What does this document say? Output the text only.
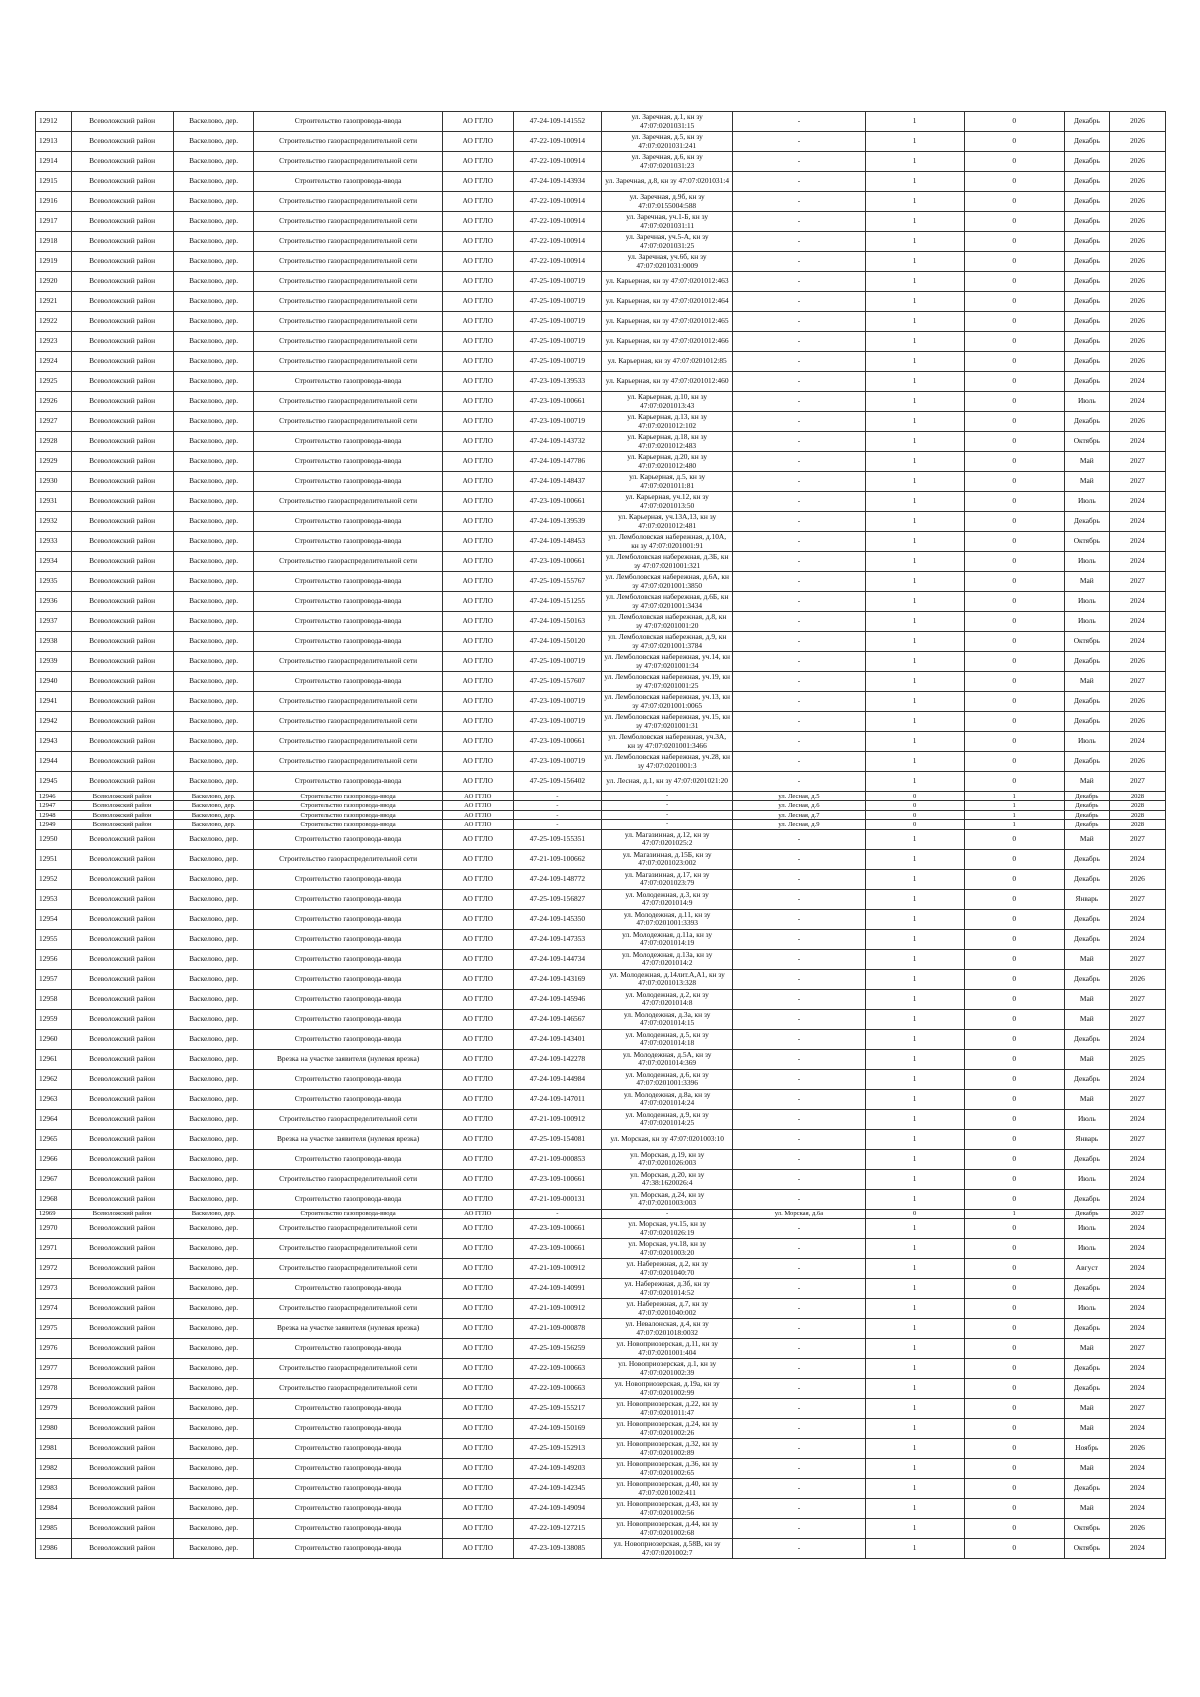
12912	Всеволожский район	Васкелово, дер.	Строительство газопровода-ввода	АО ГГЛО	47-24-109-141552	ул. Заречная, д.1, кн зу 47:07:0201031:15	-	1	0	Декабрь	2026
12913	Всеволожский район	Васкелово, дер.	Строительство газораспределительной сети	АО ГГЛО	47-22-109-100914	ул. Заречная, д.5, кн зу 47:07:0201031:241	-	1	0	Декабрь	2026
12914	Всеволожский район	Васкелово, дер.	Строительство газораспределительной сети	АО ГГЛО	47-22-109-100914	ул. Заречная, д.6, кн зу 47:07:0201031:23	-	1	0	Декабрь	2026
12915	Всеволожский район	Васкелово, дер.	Строительство газопровода-ввода	АО ГГЛО	47-24-109-143934	ул. Заречная, д.8, кн зу 47:07:0201031:4	-	1	0	Декабрь	2026
12916	Всеволожский район	Васкелово, дер.	Строительство газораспределительной сети	АО ГГЛО	47-22-109-100914	ул. Заречная, д.9б, кн зу 47:07:0155004:588	-	1	0	Декабрь	2026
12917	Всеволожский район	Васкелово, дер.	Строительство газораспределительной сети	АО ГГЛО	47-22-109-100914	ул. Заречная, уч.1-Б, кн зу 47:07:0201031:11	-	1	0	Декабрь	2026
12918	Всеволожский район	Васкелово, дер.	Строительство газораспределительной сети	АО ГГЛО	47-22-109-100914	ул. Заречная, уч.5-А, кн зу 47:07:0201031:25	-	1	0	Декабрь	2026
12919	Всеволожский район	Васкелово, дер.	Строительство газораспределительной сети	АО ГГЛО	47-22-109-100914	ул. Заречная, уч.6б, кн зу 47:07:0201031:0009	-	1	0	Декабрь	2026
12920	Всеволожский район	Васкелово, дер.	Строительство газораспределительной сети	АО ГГЛО	47-25-109-100719	ул. Карьерная, кн зу 47:07:0201012:463	-	1	0	Декабрь	2026
12921	Всеволожский район	Васкелово, дер.	Строительство газораспределительной сети	АО ГГЛО	47-25-109-100719	ул. Карьерная, кн зу 47:07:0201012:464	-	1	0	Декабрь	2026
12922	Всеволожский район	Васкелово, дер.	Строительство газораспределительной сети	АО ГГЛО	47-25-109-100719	ул. Карьерная, кн зу 47:07:0201012:465	-	1	0	Декабрь	2026
12923	Всеволожский район	Васкелово, дер.	Строительство газораспределительной сети	АО ГГЛО	47-25-109-100719	ул. Карьерная, кн зу 47:07:0201012:466	-	1	0	Декабрь	2026
12924	Всеволожский район	Васкелово, дер.	Строительство газораспределительной сети	АО ГГЛО	47-25-109-100719	ул. Карьерная, кн зу 47:07:0201012:85	-	1	0	Декабрь	2026
12925	Всеволожский район	Васкелово, дер.	Строительство газопровода-ввода	АО ГГЛО	47-23-109-139533	ул. Карьерная, кн зу 47:07:0201012:460	-	1	0	Декабрь	2024
12926	Всеволожский район	Васкелово, дер.	Строительство газораспределительной сети	АО ГГЛО	47-23-109-100661	ул. Карьерная, д.10, кн зу 47:07:0201013:43	-	1	0	Июль	2024
12927	Всеволожский район	Васкелово, дер.	Строительство газораспределительной сети	АО ГГЛО	47-23-109-100719	ул. Карьерная, д.13, кн зу 47:07:0201012:102	-	1	0	Декабрь	2026
12928	Всеволожский район	Васкелово, дер.	Строительство газопровода-ввода	АО ГГЛО	47-24-109-143732	ул. Карьерная, д.18, кн зу 47:07:0201012:483	-	1	0	Октябрь	2024
12929	Всеволожский район	Васкелово, дер.	Строительство газопровода-ввода	АО ГГЛО	47-24-109-147786	ул. Карьерная, д.20, кн зу 47:07:0201012:480	-	1	0	Май	2027
12930	Всеволожский район	Васкелово, дер.	Строительство газопровода-ввода	АО ГГЛО	47-24-109-148437	ул. Карьерная, д.5, кн зу 47:07:0201011:81	-	1	0	Май	2027
12931	Всеволожский район	Васкелово, дер.	Строительство газораспределительной сети	АО ГГЛО	47-23-109-100661	ул. Карьерная, уч.12, кн зу 47:07:0201013:50	-	1	0	Июль	2024
12932	Всеволожский район	Васкелово, дер.	Строительство газопровода-ввода	АО ГГЛО	47-24-109-139539	ул. Карьерная, уч.13А,13, кн зу 47:07:0201012:481	-	1	0	Декабрь	2024
12933	Всеволожский район	Васкелово, дер.	Строительство газопровода-ввода	АО ГГЛО	47-24-109-148453	ул. Лемболовская набережная, д.10А, кн зу 47:07:0201001:91	-	1	0	Октябрь	2024
12934	Всеволожский район	Васкелово, дер.	Строительство газораспределительной сети	АО ГГЛО	47-23-109-100661	ул. Лемболовская набережная, д.3Б, кн зу 47:07:0201001:321	-	1	0	Июль	2024
12935	Всеволожский район	Васкелово, дер.	Строительство газопровода-ввода	АО ГГЛО	47-25-109-155767	ул. Лемболовская набережная, д.6А, кн зу 47:07:0201001:3850	-	1	0	Май	2027
12936	Всеволожский район	Васкелово, дер.	Строительство газопровода-ввода	АО ГГЛО	47-24-109-151255	ул. Лемболовская набережная, д.6Б, кн зу 47:07:0201001:3434	-	1	0	Июль	2024
12937	Всеволожский район	Васкелово, дер.	Строительство газопровода-ввода	АО ГГЛО	47-24-109-150163	ул. Лемболовская набережная, д.8, кн зу 47:07:0201001:20	-	1	0	Июль	2024
12938	Всеволожский район	Васкелово, дер.	Строительство газопровода-ввода	АО ГГЛО	47-24-109-150120	ул. Лемболовская набережная, д.9, кн зу 47:07:0201001:3784	-	1	0	Октябрь	2024
12939	Всеволожский район	Васкелово, дер.	Строительство газораспределительной сети	АО ГГЛО	47-25-109-100719	ул. Лемболовская набережная, уч.14, кн зу 47:07:0201001:34	-	1	0	Декабрь	2026
12940	Всеволожский район	Васкелово, дер.	Строительство газопровода-ввода	АО ГГЛО	47-25-109-157607	ул. Лемболовская набережная, уч.19, кн зу 47:07:0201001:25	-	1	0	Май	2027
12941	Всеволожский район	Васкелово, дер.	Строительство газораспределительной сети	АО ГГЛО	47-23-109-100719	ул. Лемболовская набережная, уч.13, кн зу 47:07:0201001:0065	-	1	0	Декабрь	2026
12942	Всеволожский район	Васкелово, дер.	Строительство газораспределительной сети	АО ГГЛО	47-23-109-100719	ул. Лемболовская набережная, уч.15, кн зу 47:07:0201001:31	-	1	0	Декабрь	2026
12943	Всеволожский район	Васкелово, дер.	Строительство газораспределительной сети	АО ГГЛО	47-23-109-100661	ул. Лемболовская набережная, уч.3А, кн зу 47:07:0201001:3466	-	1	0	Июль	2024
12944	Всеволожский район	Васкелово, дер.	Строительство газораспределительной сети	АО ГГЛО	47-23-109-100719	ул. Лемболовская набережная, уч.28, кн зу 47:07:0201001:3	-	1	0	Декабрь	2026
12945	Всеволожский район	Васкелово, дер.	Строительство газопровода-ввода	АО ГГЛО	47-25-109-156402	ул. Лесная, д.1, кн зу 47:07:0201021:20	-	1	0	Май	2027
12946	Всеволожский район	Васкелово, дер.	Строительство газопровода-ввода	АО ГГЛО	-	-	ул. Лесная, д.5	0	1	Декабрь	2028
12947	Всеволожский район	Васкелово, дер.	Строительство газопровода-ввода	АО ГГЛО	-	-	ул. Лесная, д.6	0	1	Декабрь	2028
12948	Всеволожский район	Васкелово, дер.	Строительство газопровода-ввода	АО ГГЛО	-	-	ул. Лесная, д.7	0	1	Декабрь	2028
12949	Всеволожский район	Васкелово, дер.	Строительство газопровода-ввода	АО ГГЛО	-	-	ул. Лесная, д.9	0	1	Декабрь	2028
12950	Всеволожский район	Васкелово, дер.	Строительство газопровода-ввода	АО ГГЛО	47-25-109-155351	ул. Магазинная, д.12, кн зу 47:07:0201025:2	-	1	0	Май	2027
12951	Всеволожский район	Васкелово, дер.	Строительство газораспределительной сети	АО ГГЛО	47-21-109-100662	ул. Магазинная, д.15Б, кн зу 47:07:0201023:002	-	1	0	Декабрь	2024
12952	Всеволожский район	Васкелово, дер.	Строительство газопровода-ввода	АО ГГЛО	47-24-109-148772	ул. Магазинная, д.17, кн зу 47:07:0201023:79	-	1	0	Декабрь	2026
12953	Всеволожский район	Васкелово, дер.	Строительство газопровода-ввода	АО ГГЛО	47-25-109-156827	ул. Молодежная, д.3, кн зу 47:07:0201014:9	-	1	0	Январь	2027
12954	Всеволожский район	Васкелово, дер.	Строительство газопровода-ввода	АО ГГЛО	47-24-109-145350	ул. Молодежная, д.11, кн зу 47:07:0201001:3393	-	1	0	Декабрь	2024
12955	Всеволожский район	Васкелово, дер.	Строительство газопровода-ввода	АО ГГЛО	47-24-109-147353	ул. Молодежная, д.11а, кн зу 47:07:0201014:19	-	1	0	Декабрь	2024
12956	Всеволожский район	Васкелово, дер.	Строительство газопровода-ввода	АО ГГЛО	47-24-109-144734	ул. Молодежная, д.13а, кн зу 47:07:0201014:2	-	1	0	Май	2027
12957	Всеволожский район	Васкелово, дер.	Строительство газопровода-ввода	АО ГГЛО	47-24-109-143169	ул. Молодежная, д.14лит.А,А1, кн зу 47:07:0201013:328	-	1	0	Декабрь	2026
12958	Всеволожский район	Васкелово, дер.	Строительство газопровода-ввода	АО ГГЛО	47-24-109-145946	ул. Молодежная, д.2, кн зу 47:07:0201014:8	-	1	0	Май	2027
12959	Всеволожский район	Васкелово, дер.	Строительство газопровода-ввода	АО ГГЛО	47-24-109-146567	ул. Молодежная, д.3а, кн зу 47:07:0201014:15	-	1	0	Май	2027
12960	Всеволожский район	Васкелово, дер.	Строительство газопровода-ввода	АО ГГЛО	47-24-109-143401	ул. Молодежная, д.5, кн зу 47:07:0201014:18	-	1	0	Декабрь	2024
12961	Всеволожский район	Васкелово, дер.	Врезка на участке заявителя (нулевая врезка)	АО ГГЛО	47-24-109-142278	ул. Молодежная, д.5А, кн зу 47:07:0201014:369	-	1	0	Май	2025
12962	Всеволожский район	Васкелово, дер.	Строительство газопровода-ввода	АО ГГЛО	47-24-109-144984	ул. Молодежная, д.6, кн зу 47:07:0201001:3396	-	1	0	Декабрь	2024
12963	Всеволожский район	Васкелово, дер.	Строительство газопровода-ввода	АО ГГЛО	47-24-109-147011	ул. Молодежная, д.8а, кн зу 47:07:0201014:24	-	1	0	Май	2027
12964	Всеволожский район	Васкелово, дер.	Строительство газораспределительной сети	АО ГГЛО	47-21-109-100912	ул. Молодежная, д.9, кн зу 47:07:0201014:25	-	1	0	Июль	2024
12965	Всеволожский район	Васкелово, дер.	Врезка на участке заявителя (нулевая врезка)	АО ГГЛО	47-25-109-154081	ул. Морская, кн зу 47:07:0201003:10	-	1	0	Январь	2027
12966	Всеволожский район	Васкелово, дер.	Строительство газопровода-ввода	АО ГГЛО	47-21-109-000853	ул. Морская, д.19, кн зу 47:07:0201026:003	-	1	0	Декабрь	2024
12967	Всеволожский район	Васкелово, дер.	Строительство газораспределительной сети	АО ГГЛО	47-23-109-100661	ул. Морская, д.20, кн зу 47:38:1620026:4	-	1	0	Июль	2024
12968	Всеволожский район	Васкелово, дер.	Строительство газопровода-ввода	АО ГГЛО	47-21-109-000131	ул. Морская, д.24, кн зу 47:07:0201003:003	-	1	0	Декабрь	2024
12969	Всеволожский район	Васкелово, дер.	Строительство газопровода-ввода	АО ГГЛО	-	-	ул. Морская, д.6а	0	1	Декабрь	2027
12970	Всеволожский район	Васкелово, дер.	Строительство газораспределительной сети	АО ГГЛО	47-23-109-100661	ул. Морская, уч.15, кн зу 47:07:0201026:19	-	1	0	Июль	2024
12971	Всеволожский район	Васкелово, дер.	Строительство газораспределительной сети	АО ГГЛО	47-23-109-100661	ул. Морская, уч.18, кн зу 47:07:0201003:20	-	1	0	Июль	2024
12972	Всеволожский район	Васкелово, дер.	Строительство газораспределительной сети	АО ГГЛО	47-21-109-100912	ул. Набережная, д.2, кн зу 47:07:0201040:70	-	1	0	Август	2024
12973	Всеволожский район	Васкелово, дер.	Строительство газопровода-ввода	АО ГГЛО	47-24-109-140991	ул. Набережная, д.3б, кн зу 47:07:0201014:52	-	1	0	Декабрь	2024
12974	Всеволожский район	Васкелово, дер.	Строительство газораспределительной сети	АО ГГЛО	47-21-109-100912	ул. Набережная, д.7, кн зу 47:07:0201040:002	-	1	0	Июль	2024
12975	Всеволожский район	Васкелово, дер.	Врезка на участке заявителя (нулевая врезка)	АО ГГЛО	47-21-109-000878	ул. Невалонская, д.4, кн зу 47:07:0201018:0032	-	1	0	Декабрь	2024
12976	Всеволожский район	Васкелово, дер.	Строительство газопровода-ввода	АО ГГЛО	47-25-109-156259	ул. Новоприозерская, д.11, кн зу 47:07:0201001:404	-	1	0	Май	2027
12977	Всеволожский район	Васкелово, дер.	Строительство газораспределительной сети	АО ГГЛО	47-22-109-100663	ул. Новоприозерская, д.1, кн зу 47:07:0201002:39	-	1	0	Декабрь	2024
12978	Всеволожский район	Васкелово, дер.	Строительство газораспределительной сети	АО ГГЛО	47-22-109-100663	ул. Новоприозерская, д.19а, кн зу 47:07:0201002:99	-	1	0	Декабрь	2024
12979	Всеволожский район	Васкелово, дер.	Строительство газопровода-ввода	АО ГГЛО	47-25-109-155217	ул. Новоприозерская, д.22, кн зу 47:07:0201011:47	-	1	0	Май	2027
12980	Всеволожский район	Васкелово, дер.	Строительство газопровода-ввода	АО ГГЛО	47-24-109-150169	ул. Новоприозерская, д.24, кн зу 47:07:0201002:26	-	1	0	Май	2024
12981	Всеволожский район	Васкелово, дер.	Строительство газопровода-ввода	АО ГГЛО	47-25-109-152913	ул. Новоприозерская, д.32, кн зу 47:07:0201002:89	-	1	0	Ноябрь	2026
12982	Всеволожский район	Васкелово, дер.	Строительство газопровода-ввода	АО ГГЛО	47-24-109-149203	ул. Новоприозерская, д.36, кн зу 47:07:0201002:65	-	1	0	Май	2024
12983	Всеволожский район	Васкелово, дер.	Строительство газопровода-ввода	АО ГГЛО	47-24-109-142345	ул. Новоприозерская, д.40, кн зу 47:07:0201002:411	-	1	0	Декабрь	2024
12984	Всеволожский район	Васкелово, дер.	Строительство газопровода-ввода	АО ГГЛО	47-24-109-149094	ул. Новоприозерская, д.43, кн зу 47:07:0201002:56	-	1	0	Май	2024
12985	Всеволожский район	Васкелово, дер.	Строительство газопровода-ввода	АО ГГЛО	47-22-109-127215	ул. Новоприозерская, д.44, кн зу 47:07:0201002:68	-	1	0	Октябрь	2026
12986	Всеволожский район	Васкелово, дер.	Строительство газопровода-ввода	АО ГГЛО	47-23-109-138085	ул. Новоприозерская, д.58В, кн зу 47:07:0201002:7	-	1	0	Октябрь	2024
